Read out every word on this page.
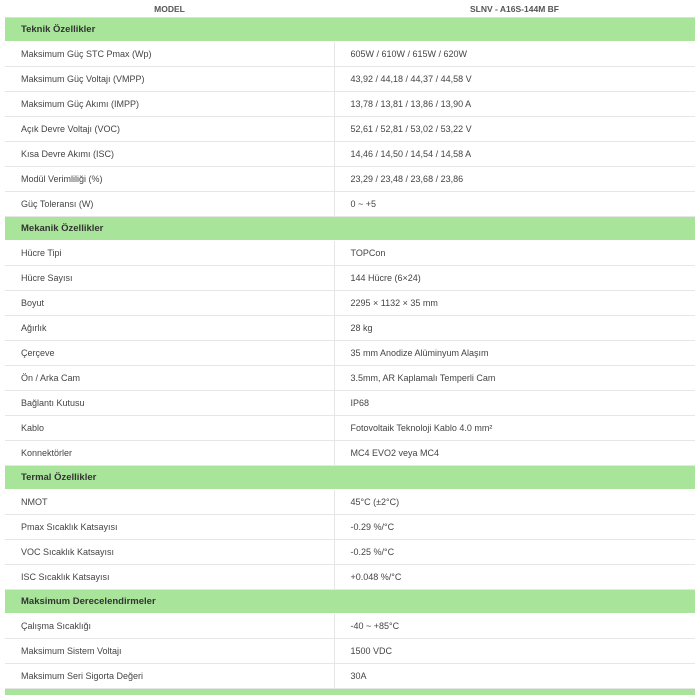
MODEL	SLNV - A16S-144M BF
Teknik Özellikler	
Maksimum Güç STC Pmax (Wp)	605W / 610W / 615W / 620W
Maksimum Güç Voltajı (VMPP)	43,92 / 44,18 / 44,37 / 44,58 V
Maksimum Güç Akımı (IMPP)	13,78 / 13,81 / 13,86 / 13,90 A
Açık Devre Voltajı (VOC)	52,61 / 52,81 / 53,02 / 53,22 V
Kısa Devre Akımı (ISC)	14,46 / 14,50 / 14,54 / 14,58 A
Modül Verimliliği (%)	23,29 / 23,48 / 23,68 / 23,86
Güç Toleransı (W)	0 ~ +5
Mekanik Özellikler	
Hücre Tipi	TOPCon
Hücre Sayısı	144 Hücre (6×24)
Boyut	2295 × 1132 × 35 mm
Ağırlık	28 kg
Çerçeve	35 mm Anodize Alüminyum Alaşım
Ön / Arka Cam	3.5mm, AR Kaplamalı Temperli Cam
Bağlantı Kutusu	IP68
Kablo	Fotovoltaik Teknoloji Kablo 4.0 mm²
Konnektörler	MC4 EVO2 veya MC4
Termal Özellikler	
NMOT	45°C (±2°C)
Pmax Sıcaklık Katsayısı	-0.29 %/°C
VOC Sıcaklık Katsayısı	-0.25 %/°C
ISC Sıcaklık Katsayısı	+0.048 %/°C
Maksimum Derecelendirmeler	
Çalışma Sıcaklığı	-40 ~ +85°C
Maksimum Sistem Voltajı	1500 VDC
Maksimum Seri Sigorta Değeri	30A
